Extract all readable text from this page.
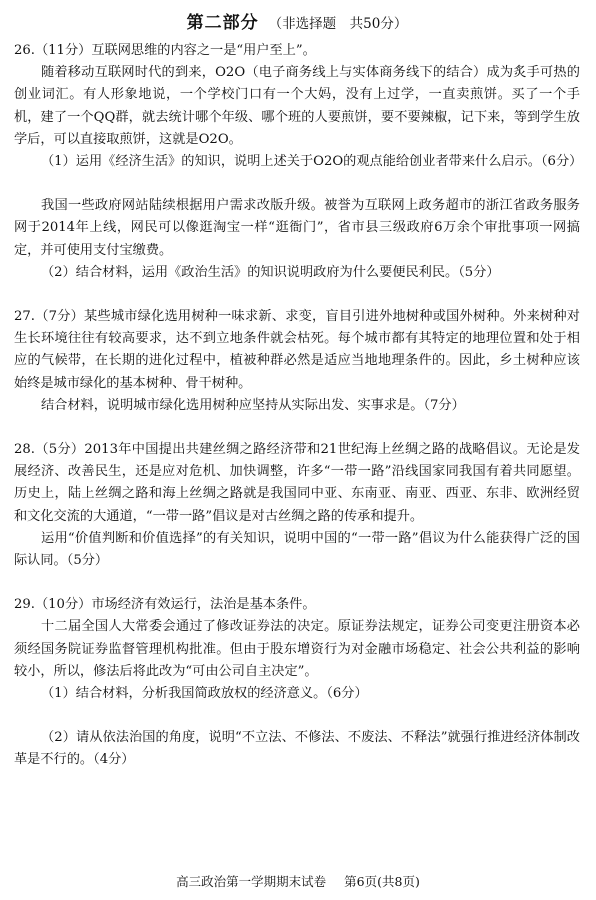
第二部分 （非选择题　共50分）

26.（11分）互联网思维的内容之一是“用户至上”。

随着移动互联网时代的到来，O2O（电子商务线上与实体商务线下的结合）成为炙手可热的创业词汇。有人形象地说，一个学校门口有一个大妈，没有上过学，一直卖煎饼。买了一个手机，建了一个QQ群，就去统计哪个年级、哪个班的人要煎饼，要不要辣椒，记下来，等到学生放学后，可以直接取煎饼，这就是O2O。

（1）运用《经济生活》的知识，说明上述关于O2O的观点能给创业者带来什么启示。（6分）

我国一些政府网站陆续根据用户需求改版升级。被誉为互联网上政务超市的浙江省政务服务网于2014年上线，网民可以像逛淘宝一样“逛衙门”，省市县三级政府6万余个审批事项一网搞定，并可使用支付宝缴费。

（2）结合材料，运用《政治生活》的知识说明政府为什么要便民利民。（5分）

27.（7分）某些城市绿化选用树种一味求新、求变，盲目引进外地树种或国外树种。外来树种对生长环境往往有较高要求，达不到立地条件就会枯死。每个城市都有其特定的地理位置和处于相应的气候带，在长期的进化过程中，植被种群必然是适应当地地理条件的。因此，乡土树种应该始终是城市绿化的基本树种、骨干树种。

结合材料，说明城市绿化选用树种应坚持从实际出发、实事求是。（7分）

28.（5分）2013年中国提出共建丝绸之路经济带和21世纪海上丝绸之路的战略倡议。无论是发展经济、改善民生，还是应对危机、加快调整，许多“一带一路”沿线国家同我国有着共同愿望。历史上，陆上丝绸之路和海上丝绸之路就是我国同中亚、东南亚、南亚、西亚、东非、欧洲经贸和文化交流的大通道，“一带一路”倡议是对古丝绸之路的传承和提升。

运用“价值判断和价值选择”的有关知识，说明中国的“一带一路”倡议为什么能获得广泛的国际认同。（5分）

29.（10分）市场经济有效运行，法治是基本条件。

十二届全国人大常委会通过了修改证券法的决定。原证券法规定，证券公司变更注册资本必须经国务院证券监督管理机构批准。但由于股东增资行为对金融市场稳定、社会公共利益的影响较小，所以，修法后将此改为“可由公司自主决定”。

（1）结合材料，分析我国简政放权的经济意义。（6分）

（2）请从依法治国的角度，说明“不立法、不修法、不废法、不释法”就强行推进经济体制改革是不行的。（4分）

高三政治第一学期期末试卷 第6页(共8页)
